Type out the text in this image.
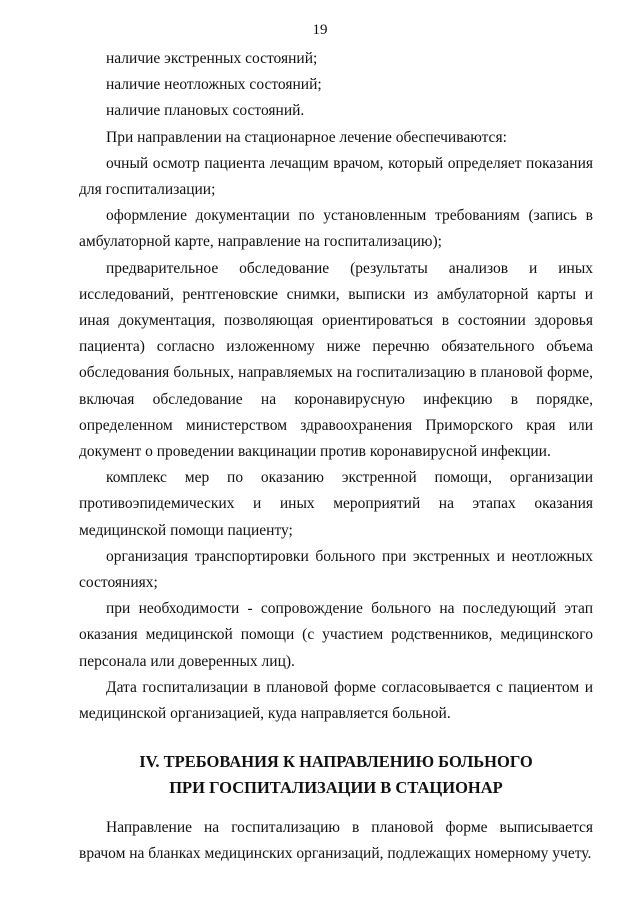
19

наличие экстренных состояний;

наличие неотложных состояний;

наличие плановых состояний.

При направлении на стационарное лечение обеспечиваются:

очный осмотр пациента лечащим врачом, который определяет показания для госпитализации;

оформление документации по установленным требованиям (запись в амбулаторной карте, направление на госпитализацию);

предварительное обследование (результаты анализов и иных исследований, рентгеновские снимки, выписки из амбулаторной карты и иная документация, позволяющая ориентироваться в состоянии здоровья пациента) согласно изложенному ниже перечню обязательного объема обследования больных, направляемых на госпитализацию в плановой форме, включая обследование на коронавирусную инфекцию в порядке, определенном министерством здравоохранения Приморского края или документ о проведении вакцинации против коронавирусной инфекции.

комплекс мер по оказанию экстренной помощи, организации противоэпидемических и иных мероприятий на этапах оказания медицинской помощи пациенту;

организация транспортировки больного при экстренных и неотложных состояниях;

при необходимости - сопровождение больного на последующий этап оказания медицинской помощи (с участием родственников, медицинского персонала или доверенных лиц).

Дата госпитализации в плановой форме согласовывается с пациентом и медицинской организацией, куда направляется больной.

IV. ТРЕБОВАНИЯ К НАПРАВЛЕНИЮ БОЛЬНОГО
ПРИ ГОСПИТАЛИЗАЦИИ В СТАЦИОНАР

Направление на госпитализацию в плановой форме выписывается врачом на бланках медицинских организаций, подлежащих номерному учету.
